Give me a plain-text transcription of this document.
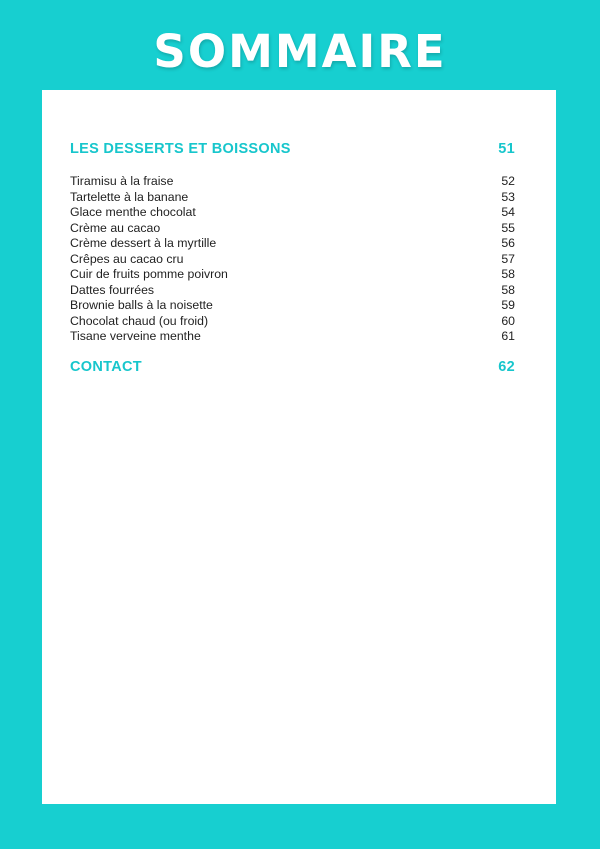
SOMMAIRE
LES DESSERTS ET BOISSONS	51
Tiramisu à la fraise	52
Tartelette à la banane	53
Glace menthe chocolat	54
Crème au cacao	55
Crème dessert à la myrtille	56
Crêpes au cacao cru	57
Cuir de fruits pomme poivron	58
Dattes fourrées	58
Brownie balls à la noisette	59
Chocolat chaud (ou froid)	60
Tisane verveine menthe	61
CONTACT	62
